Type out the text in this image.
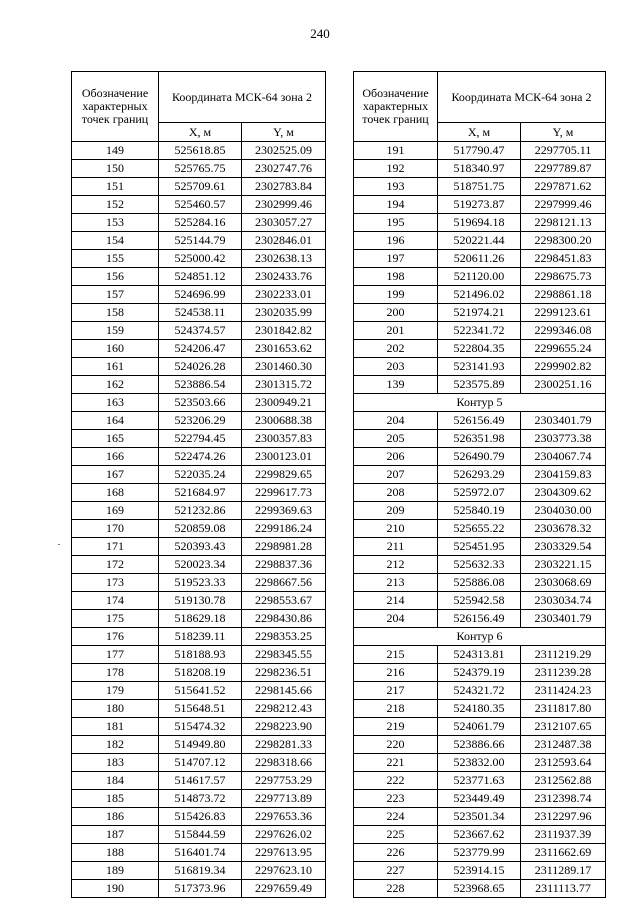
240
Обозначение характерных точек границ	Координата МСК-64 зона 2	
	X, м	Y, м
149	525618.85	2302525.09
150	525765.75	2302747.76
151	525709.61	2302783.84
152	525460.57	2302999.46
153	525284.16	2303057.27
154	525144.79	2302846.01
155	525000.42	2302638.13
156	524851.12	2302433.76
157	524696.99	2302233.01
158	524538.11	2302035.99
159	524374.57	2301842.82
160	524206.47	2301653.62
161	524026.28	2301460.30
162	523886.54	2301315.72
163	523503.66	2300949.21
164	523206.29	2300688.38
165	522794.45	2300357.83
166	522474.26	2300123.01
167	522035.24	2299829.65
168	521684.97	2299617.73
169	521232.86	2299369.63
170	520859.08	2299186.24
171	520393.43	2298981.28
172	520023.34	2298837.36
173	519523.33	2298667.56
174	519130.78	2298553.67
175	518629.18	2298430.86
176	518239.11	2298353.25
177	518188.93	2298345.55
178	518208.19	2298236.51
179	515641.52	2298145.66
180	515648.51	2298212.43
181	515474.32	2298223.90
182	514949.80	2298281.33
183	514707.12	2298318.66
184	514617.57	2297753.29
185	514873.72	2297713.89
186	515426.83	2297653.36
187	515844.59	2297626.02
188	516401.74	2297613.95
189	516819.34	2297623.10
190	517373.96	2297659.49
Обозначение характерных точек границ	Координата МСК-64 зона 2	
	X, м	Y, м
191	517790.47	2297705.11
192	518340.97	2297789.87
193	518751.75	2297871.62
194	519273.87	2297999.46
195	519694.18	2298121.13
196	520221.44	2298300.20
197	520611.26	2298451.83
198	521120.00	2298675.73
199	521496.02	2298861.18
200	521974.21	2299123.61
201	522341.72	2299346.08
202	522804.35	2299655.24
203	523141.93	2299902.82
139	523575.89	2300251.16
Контур 5		
204	526156.49	2303401.79
205	526351.98	2303773.38
206	526490.79	2304067.74
207	526293.29	2304159.83
208	525972.07	2304309.62
209	525840.19	2304030.00
210	525655.22	2303678.32
211	525451.95	2303329.54
212	525632.33	2303221.15
213	525886.08	2303068.69
214	525942.58	2303034.74
204	526156.49	2303401.79
Контур 6		
215	524313.81	2311219.29
216	524379.19	2311239.28
217	524321.72	2311424.23
218	524180.35	2311817.80
219	524061.79	2312107.65
220	523886.66	2312487.38
221	523832.00	2312593.64
222	523771.63	2312562.88
223	523449.49	2312398.74
224	523501.34	2312297.96
225	523667.62	2311937.39
226	523779.99	2311662.69
227	523914.15	2311289.17
228	523968.65	2311113.77
